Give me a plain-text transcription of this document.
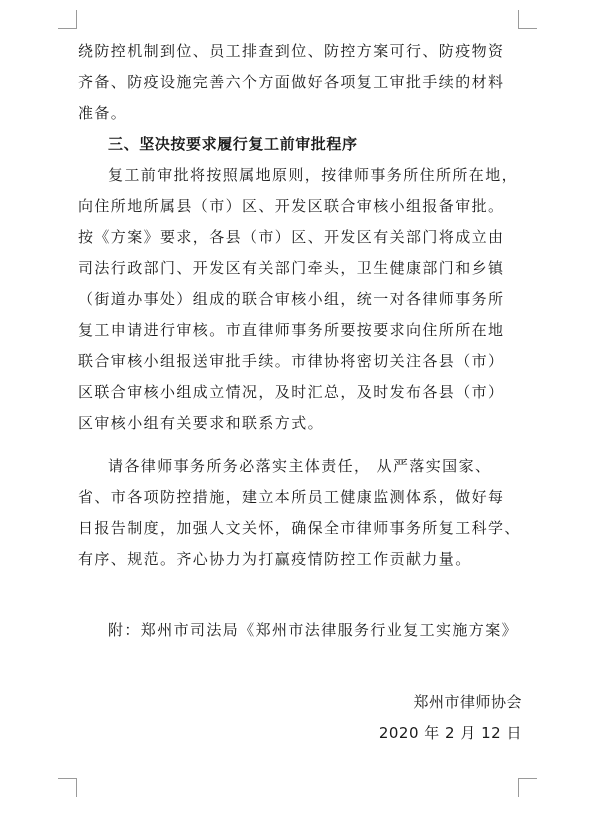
绕防控机制到位、员工排查到位、防控方案可行、防疫物资
齐备、防疫设施完善六个方面做好各项复工审批手续的材料
准备。
三、坚决按要求履行复工前审批程序
复工前审批将按照属地原则，按律师事务所住所所在地，
向住所地所属县（市）区、开发区联合审核小组报备审批。
按《方案》要求，各县（市）区、开发区有关部门将成立由
司法行政部门、开发区有关部门牵头，卫生健康部门和乡镇
（街道办事处）组成的联合审核小组，统一对各律师事务所
复工申请进行审核。市直律师事务所要按要求向住所所在地
联合审核小组报送审批手续。市律协将密切关注各县（市）
区联合审核小组成立情况，及时汇总，及时发布各县（市）
区审核小组有关要求和联系方式。
请各律师事务所务必落实主体责任， 从严落实国家、
省、市各项防控措施，建立本所员工健康监测体系，做好每
日报告制度，加强人文关怀，确保全市律师事务所复工科学、
有序、规范。齐心协力为打赢疫情防控工作贡献力量。
附：郑州市司法局《郑州市法律服务行业复工实施方案》
郑州市律师协会
2020 年 2 月 12 日
